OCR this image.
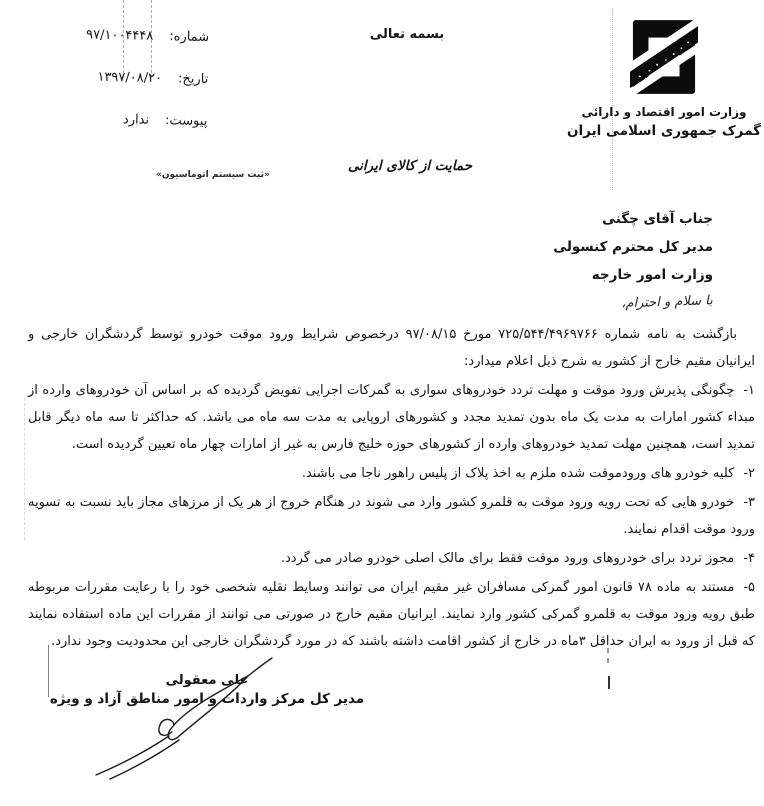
شماره:
۹۷/۱۰۰۴۴۴۸
تاریخ:
۱۳۹۷/۰۸/۲۰
پیوست:
ندارد
بسمه تعالی
وزارت امور اقتصاد و دارائی
گمرک جمهوری اسلامی ایران
حمایت از کالای ایرانی
«ثبت سیستم اتوماسیون»
جناب آقای چگنی
مدیر کل محترم کنسولی
وزارت امور خارجه
با سلام و احترام،

بازگشت به نامه شماره ۷۲۵/۵۴۴/۴۹۶۹۷۶۶ مورخ ۹۷/۰۸/۱۵ درخصوص شرایط ورود موقت خودرو توسط گردشگران خارجی و ایرانیان مقیم خارج از کشور به شرح ذیل اعلام میدارد:

۱-چگونگی پذیرش ورود موقت و مهلت تردد خودروهای سواری به گمرکات اجرایی تفویض گردیده که بر اساس آن خودروهای وارده از مبداء کشور امارات به مدت یک ماه بدون تمدید مجدد و کشورهای اروپایی به مدت سه ماه می باشد. که حداکثر تا سه ماه دیگر قابل تمدید است، همچنین مهلت تمدید خودروهای وارده از کشورهای حوزه خلیج فارس به غیر از امارات چهار ماه تعیین گردیده است.

۲-کلیه خودرو های ورودموقت شده ملزم به اخذ پلاک از پلیس راهور ناجا می باشند.

۳-خودرو هایی که تحت رویه ورود موقت به قلمرو کشور وارد می شوند در هنگام خروج از هر یک از مرزهای مجاز باید نسبت به تسویه ورود موقت اقدام نمایند.

۴-مجوز تردد برای خودروهای ورود موقت فقط برای مالک اصلی خودرو صادر می گردد.

۵-مستند به ماده ۷۸ قانون امور گمرکی مسافران غیر مقیم ایران می توانند وسایط نقلیه شخصی خود را با رعایت مقررات مربوطه طبق رویه ورود موقت به قلمرو گمرکی کشور وارد نمایند. ایرانیان مقیم خارج در صورتی می توانند از مقررات این ماده استفاده نمایند که قبل از ورود به ایران حداقل ۳ماه در خارج از کشور اقامت داشته باشند که در مورد گردشگران خارجی این محدودیت وجود ندارد.

علی معقولی
مدیر کل مرکز واردات و امور مناطق آزاد و ویژه
